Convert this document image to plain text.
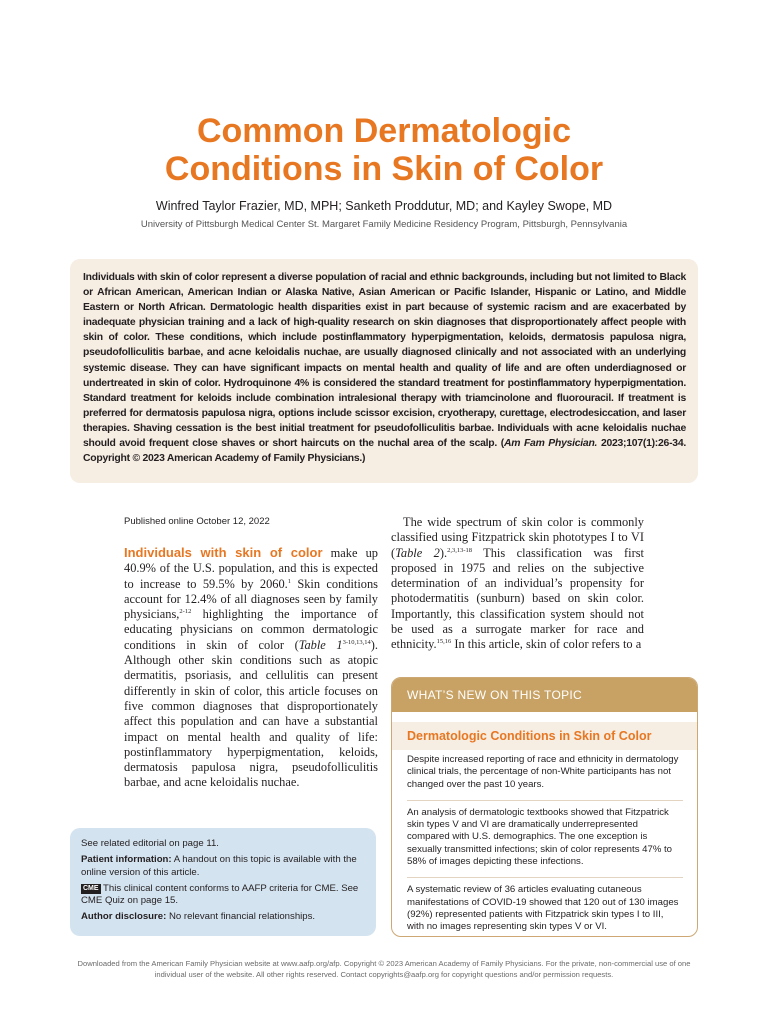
Common Dermatologic
Conditions in Skin of Color
Winfred Taylor Frazier, MD, MPH; Sanketh Proddutur, MD; and Kayley Swope, MD
University of Pittsburgh Medical Center St. Margaret Family Medicine Residency Program, Pittsburgh, Pennsylvania
Individuals with skin of color represent a diverse population of racial and ethnic backgrounds, including but not limited to Black or African American, American Indian or Alaska Native, Asian American or Pacific Islander, Hispanic or Latino, and Middle Eastern or North African. Dermatologic health disparities exist in part because of systemic racism and are exacerbated by inadequate physician training and a lack of high-quality research on skin diagnoses that disproportionately affect people with skin of color. These conditions, which include postinflammatory hyperpigmentation, keloids, dermatosis papulosa nigra, pseudofolliculitis barbae, and acne keloidalis nuchae, are usually diagnosed clinically and not associated with an underlying systemic disease. They can have significant impacts on mental health and quality of life and are often underdiagnosed or undertreated in skin of color. Hydroquinone 4% is considered the standard treatment for postinflammatory hyperpigmentation. Standard treatment for keloids include combination intralesional therapy with triamcinolone and fluorouracil. If treatment is preferred for dermatosis papulosa nigra, options include scissor excision, cryotherapy, curettage, electrodesiccation, and laser therapies. Shaving cessation is the best initial treatment for pseudofolliculitis barbae. Individuals with acne keloidalis nuchae should avoid frequent close shaves or short haircuts on the nuchal area of the scalp. (Am Fam Physician. 2023;107(1):26-34. Copyright © 2023 American Academy of Family Physicians.)
Published online October 12, 2022

Individuals with skin of color make up 40.9% of the U.S. population, and this is expected to increase to 59.5% by 2060.$^1$ Skin conditions account for 12.4% of all diagnoses seen by family physicians,$^{2-12}$ highlighting the importance of educating physicians on common dermatologic conditions in skin of color (Table 1$^{3-10,13,14}$). Although other skin conditions such as atopic dermatitis, psoriasis, and cellulitis can present differently in skin of color, this article focuses on five common diagnoses that disproportionately affect this population and can have a substantial impact on mental health and quality of life: postinflammatory hyperpigmentation, keloids, dermatosis papulosa nigra, pseudofolliculitis barbae, and acne keloidalis nuchae.

The wide spectrum of skin color is commonly classified using Fitzpatrick skin phototypes I to VI (Table 2).$^{2,3,13-18}$ This classification was first proposed in 1975 and relies on the subjective determination of an individual’s propensity for photodermatitis (sunburn) based on skin color. Importantly, this classification system should not be used as a surrogate marker for race and ethnicity.$^{15,16}$ In this article, skin of color refers to a

WHAT’S NEW ON THIS TOPIC
Dermatologic Conditions in Skin of Color

Despite increased reporting of race and ethnicity in dermatology clinical trials, the percentage of non-White participants has not changed over the past 10 years.

An analysis of dermatologic textbooks showed that Fitzpatrick skin types V and VI are dramatically underrepresented compared with U.S. demographics. The one exception is sexually transmitted infections; skin of color represents 47% to 58% of images depicting these infections.

A systematic review of 36 articles evaluating cutaneous manifestations of COVID-19 showed that 120 out of 130 images (92%) represented patients with Fitzpatrick skin types I to III, with no images representing skin types V or VI.

See related editorial on page 11.

Patient information: A handout on this topic is available with the online version of this article.

CME This clinical content conforms to AAFP criteria for CME. See CME Quiz on page 15.

Author disclosure: No relevant financial relationships.

Downloaded from the American Family Physician website at www.aafp.org/afp. Copyright © 2023 American Academy of Family Physicians. For the private, non-commercial use of one individual user of the website. All other rights reserved. Contact copyrights@aafp.org for copyright questions and/or permission requests.
